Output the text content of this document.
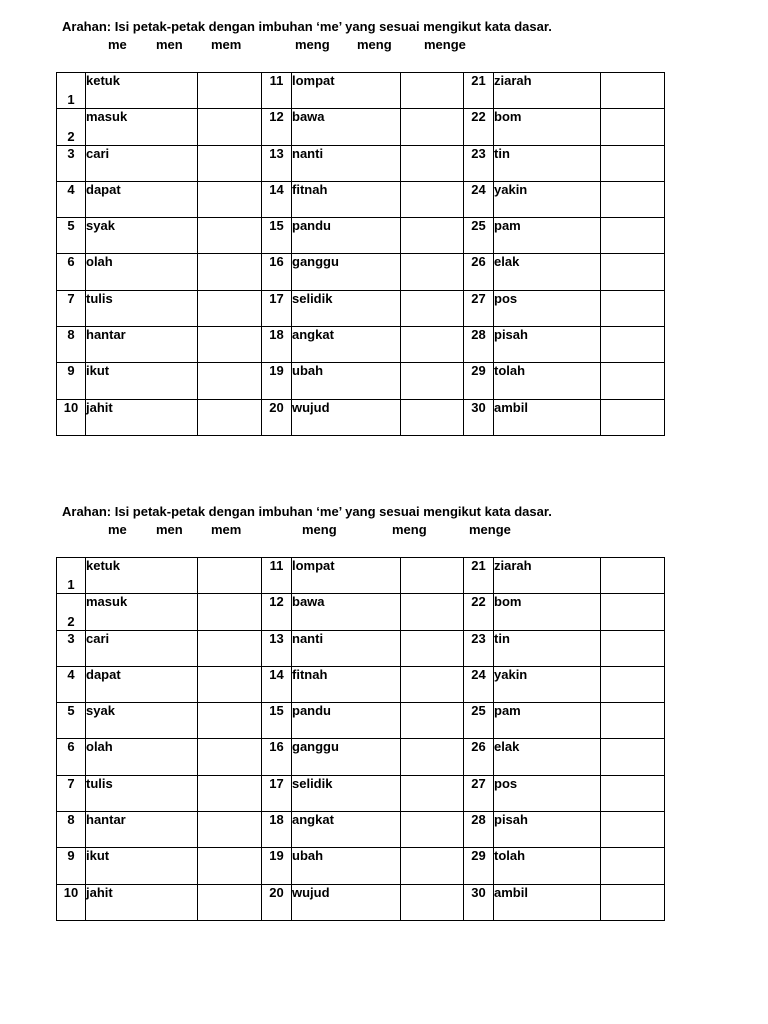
Arahan: Isi petak-petak dengan imbuhan ‘me’ yang sesuai mengikut kata dasar.
me men mem	meng meng menge
1	ketuk		11	lompat		21	ziarah	
2	masuk		12	bawa		22	bom	
3	cari		13	nanti		23	tin	
4	dapat		14	fitnah		24	yakin	
5	syak		15	pandu		25	pam	
6	olah		16	ganggu		26	elak	
7	tulis		17	selidik		27	pos	
8	hantar		18	angkat		28	pisah	
9	ikut		19	ubah		29	tolah	
10	jahit		20	wujud		30	ambil	
Arahan: Isi petak-petak dengan imbuhan ‘me’ yang sesuai mengikut kata dasar.
me men mem	meng	meng	menge
1	ketuk		11	lompat		21	ziarah	
2	masuk		12	bawa		22	bom	
3	cari		13	nanti		23	tin	
4	dapat		14	fitnah		24	yakin	
5	syak		15	pandu		25	pam	
6	olah		16	ganggu		26	elak	
7	tulis		17	selidik		27	pos	
8	hantar		18	angkat		28	pisah	
9	ikut		19	ubah		29	tolah	
10	jahit		20	wujud		30	ambil	
